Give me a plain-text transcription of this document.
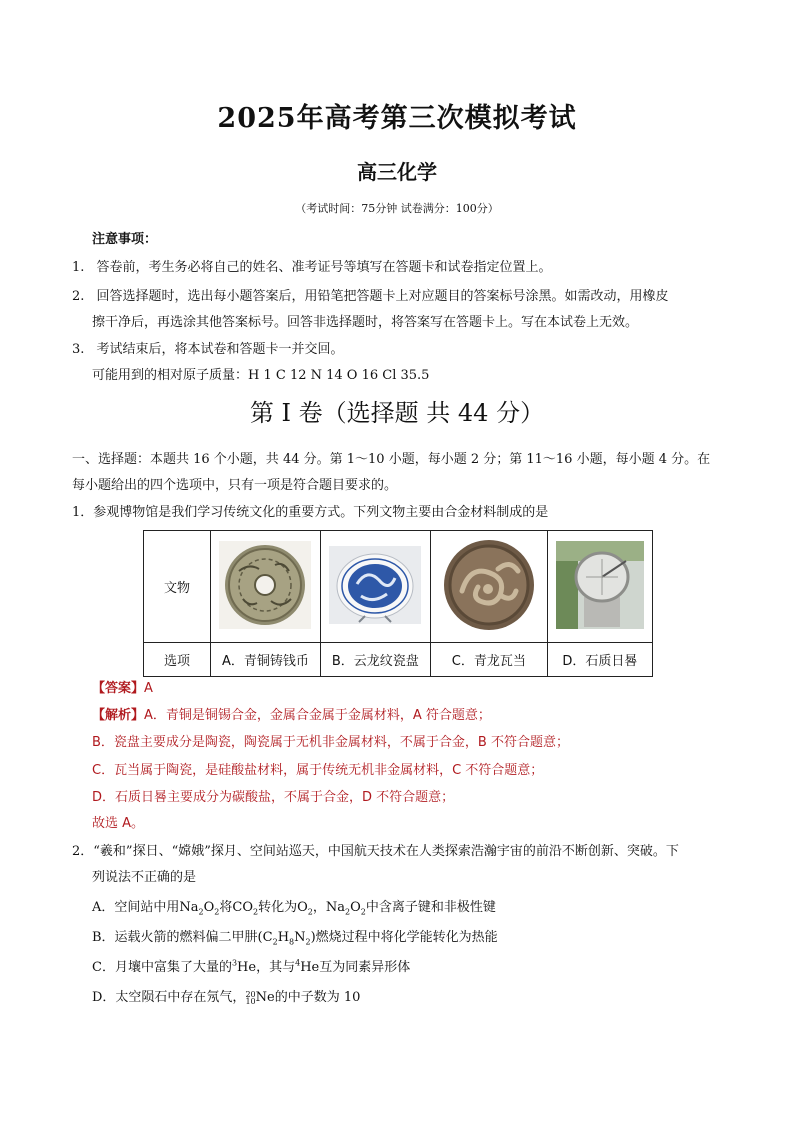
2025年高考第三次模拟考试
高三化学
（考试时间：75分钟 试卷满分：100分）
注意事项：
1. 答卷前，考生务必将自己的姓名、准考证号等填写在答题卡和试卷指定位置上。
2. 回答选择题时，选出每小题答案后，用铅笔把答题卡上对应题目的答案标号涂黑。如需改动，用橡皮
擦干净后，再选涂其他答案标号。回答非选择题时，将答案写在答题卡上。写在本试卷上无效。
3. 考试结束后，将本试卷和答题卡一并交回。
可能用到的相对原子质量：H 1 C 12 N 14 O 16 Cl 35.5
第 I 卷（选择题 共 44 分）
一、选择题：本题共 16 个小题，共 44 分。第 1～10 小题，每小题 2 分；第 11～16 小题，每小题 4 分。在
每小题给出的四个选项中，只有一项是符合题目要求的。
1．参观博物馆是我们学习传统文化的重要方式。下列文物主要由合金材料制成的是
文物				
选项	A．青铜铸钱币	B．云龙纹瓷盘	C．青龙瓦当	D．石质日晷
【答案】A
【解析】A．青铜是铜锡合金，金属合金属于金属材料，A 符合题意；
B．瓷盘主要成分是陶瓷，陶瓷属于无机非金属材料，不属于合金，B 不符合题意；
C．瓦当属于陶瓷，是硅酸盐材料，属于传统无机非金属材料，C 不符合题意；
D．石质日晷主要成分为碳酸盐，不属于合金，D 不符合题意；
故选 A。
2．“羲和”探日、“嫦娥”探月、空间站巡天，中国航天技术在人类探索浩瀚宇宙的前沿不断创新、突破。下
列说法不正确的是
A．空间站中用$Na_2O_2$将$CO_2$转化为$O_2$，$Na_2O_2$中含离子键和非极性键
B．运载火箭的燃料偏二甲肼$(C_2H_8N_2)$燃烧过程中将化学能转化为热能
C．月壤中富集了大量的$^3$He，其与$^4$He互为同素异形体
D．太空陨石中存在氖气，20
10Ne的中子数为 10
